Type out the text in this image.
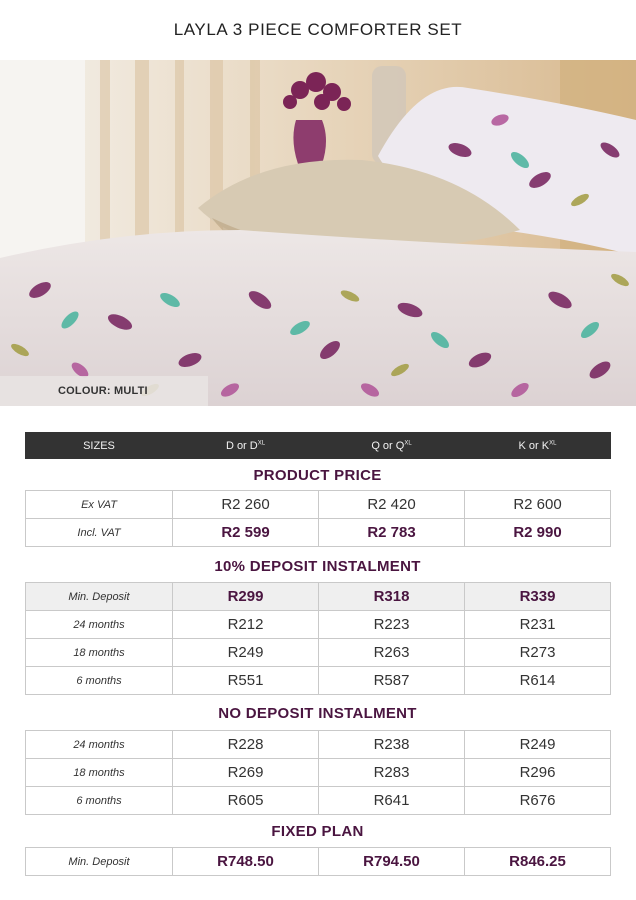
LAYLA 3 PIECE COMFORTER SET
COLOUR: MULTI
SIZES	D or $D^{XL}$	Q or $Q^{XL}$	K or $K^{XL}$
PRODUCT PRICE
Ex VAT	R2 260	R2 420	R2 600
Incl. VAT	R2 599	R2 783	R2 990
10% DEPOSIT INSTALMENT
Min. Deposit	R299	R318	R339
24 months	R212	R223	R231
18 months	R249	R263	R273
6 months	R551	R587	R614
NO DEPOSIT INSTALMENT
24 months	R228	R238	R249
18 months	R269	R283	R296
6 months	R605	R641	R676
FIXED PLAN
Min. Deposit	R748.50	R794.50	R846.25
